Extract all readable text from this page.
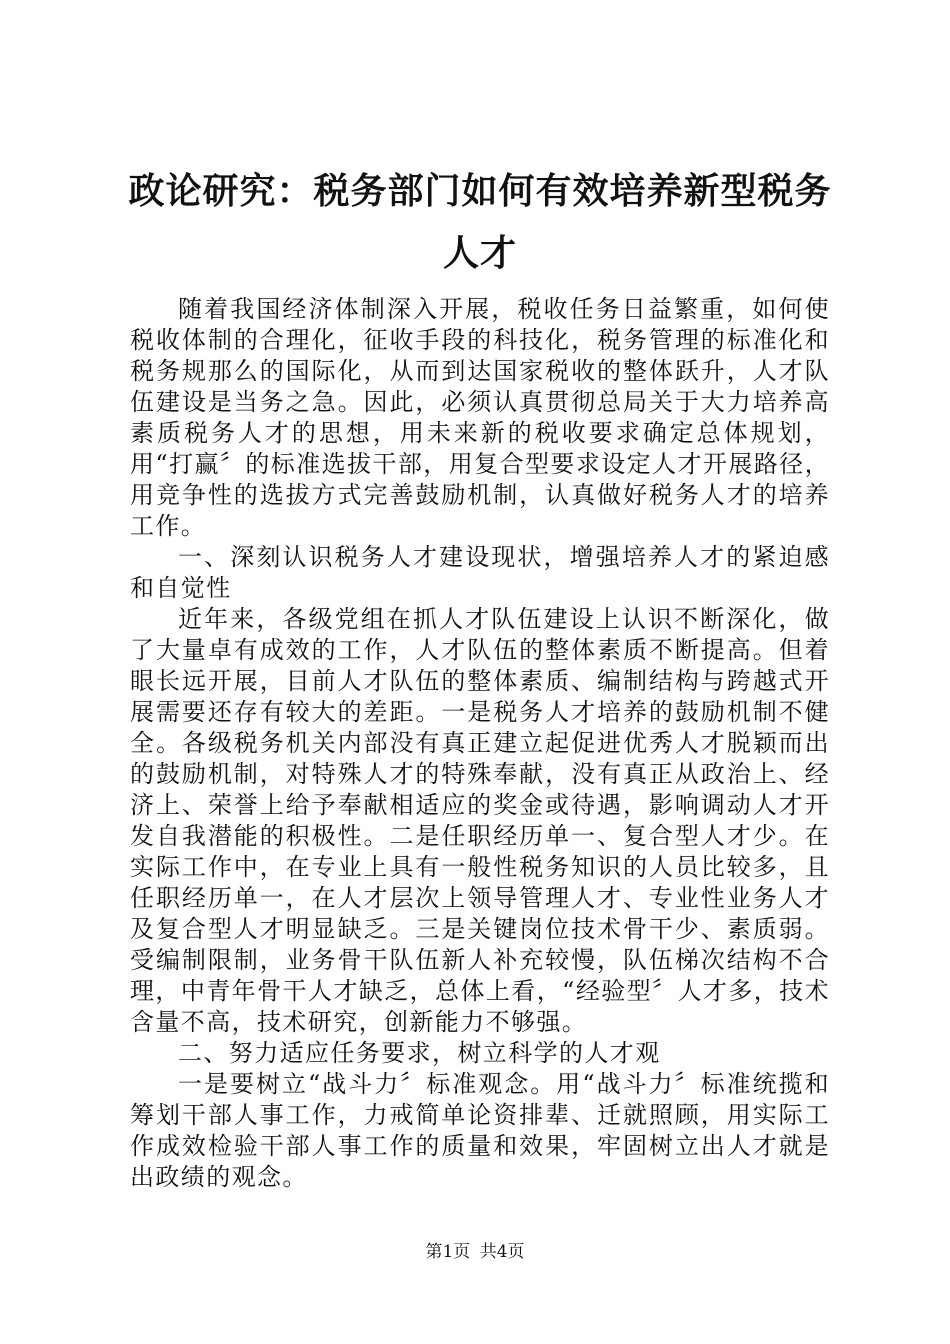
政论研究：税务部门如何有效培养新型税务人才

随着我国经济体制深入开展，税收任务日益繁重，如何使税收体制的合理化，征收手段的科技化，税务管理的标准化和税务规那么的国际化，从而到达国家税收的整体跃升，人才队伍建设是当务之急。因此，必须认真贯彻总局关于大力培养高素质税务人才的思想，用未来新的税收要求确定总体规划，用“打赢〞的标准选拔干部，用复合型要求设定人才开展路径，用竞争性的选拔方式完善鼓励机制，认真做好税务人才的培养工作。

一、深刻认识税务人才建设现状，增强培养人才的紧迫感和自觉性

近年来，各级党组在抓人才队伍建设上认识不断深化，做了大量卓有成效的工作，人才队伍的整体素质不断提高。但着眼长远开展，目前人才队伍的整体素质、编制结构与跨越式开展需要还存有较大的差距。一是税务人才培养的鼓励机制不健全。各级税务机关内部没有真正建立起促进优秀人才脱颖而出的鼓励机制，对特殊人才的特殊奉献，没有真正从政治上、经济上、荣誉上给予奉献相适应的奖金或待遇，影响调动人才开发自我潜能的积极性。二是任职经历单一、复合型人才少。在实际工作中，在专业上具有一般性税务知识的人员比较多，且任职经历单一，在人才层次上领导管理人才、专业性业务人才及复合型人才明显缺乏。三是关键岗位技术骨干少、素质弱。受编制限制，业务骨干队伍新人补充较慢，队伍梯次结构不合理，中青年骨干人才缺乏，总体上看，“经验型〞人才多，技术含量不高，技术研究，创新能力不够强。

二、努力适应任务要求，树立科学的人才观

一是要树立“战斗力〞标准观念。用“战斗力〞标准统揽和筹划干部人事工作，力戒简单论资排辈、迁就照顾，用实际工作成效检验干部人事工作的质量和效果，牢固树立出人才就是出政绩的观念。

第1页 共4页
